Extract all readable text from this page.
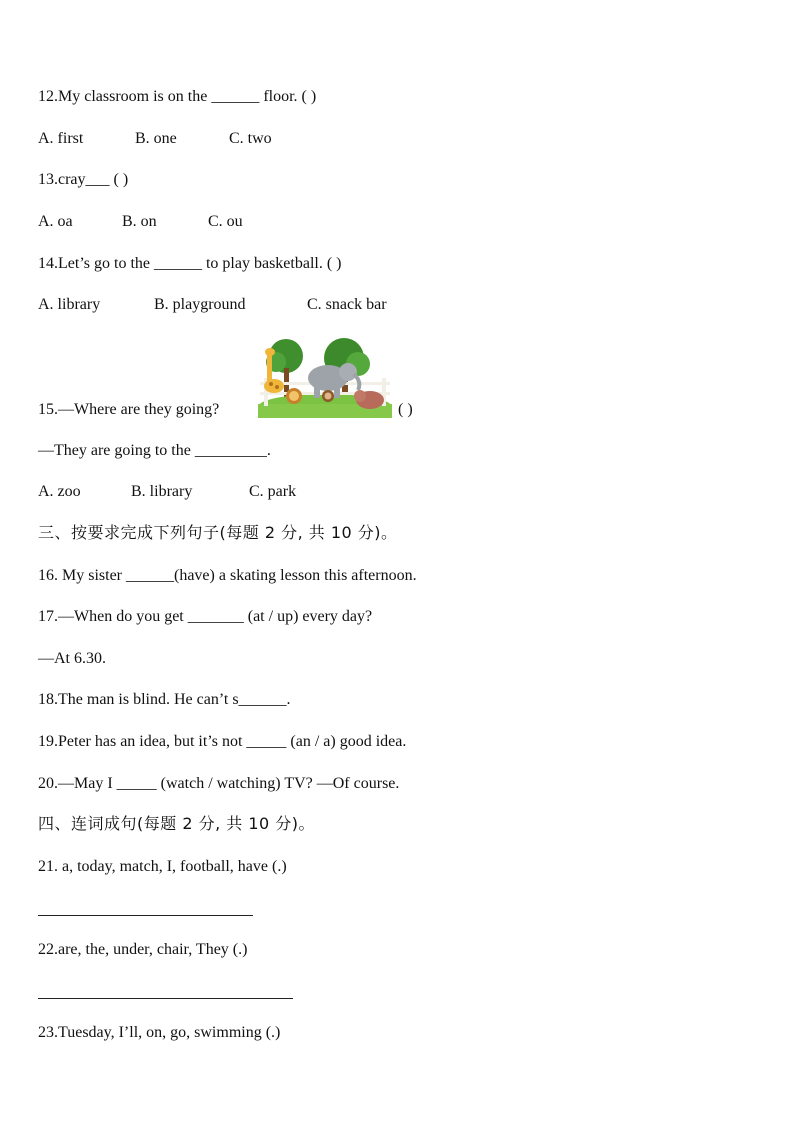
12.My classroom is on the ______ floor. ( )
A. first	B. one	C. two
13.cray___ ( )
A. oa	B. on	C. ou
14.Let’s go to the ______ to play basketball. ( )
A. library	B. playground	C. snack bar
15.—Where are they going?	( )
—They are going to the _________.
A. zoo	B. library	C. park
三、按要求完成下列句子(每题 2 分, 共 10 分)。
16. My sister ______(have) a skating lesson this afternoon.
17.—When do you get _______ (at / up) every day?
—At 6.30.
18.The man is blind. He can’t s______.
19.Peter has an idea, but it’s not _____ (an / a) good idea.
20.—May I _____ (watch / watching) TV? —Of course.
四、连词成句(每题 2 分, 共 10 分)。
21. a, today, match, I, football, have (.)
22.are, the, under, chair, They (.)
23.Tuesday, I’ll, on, go, swimming (.)
